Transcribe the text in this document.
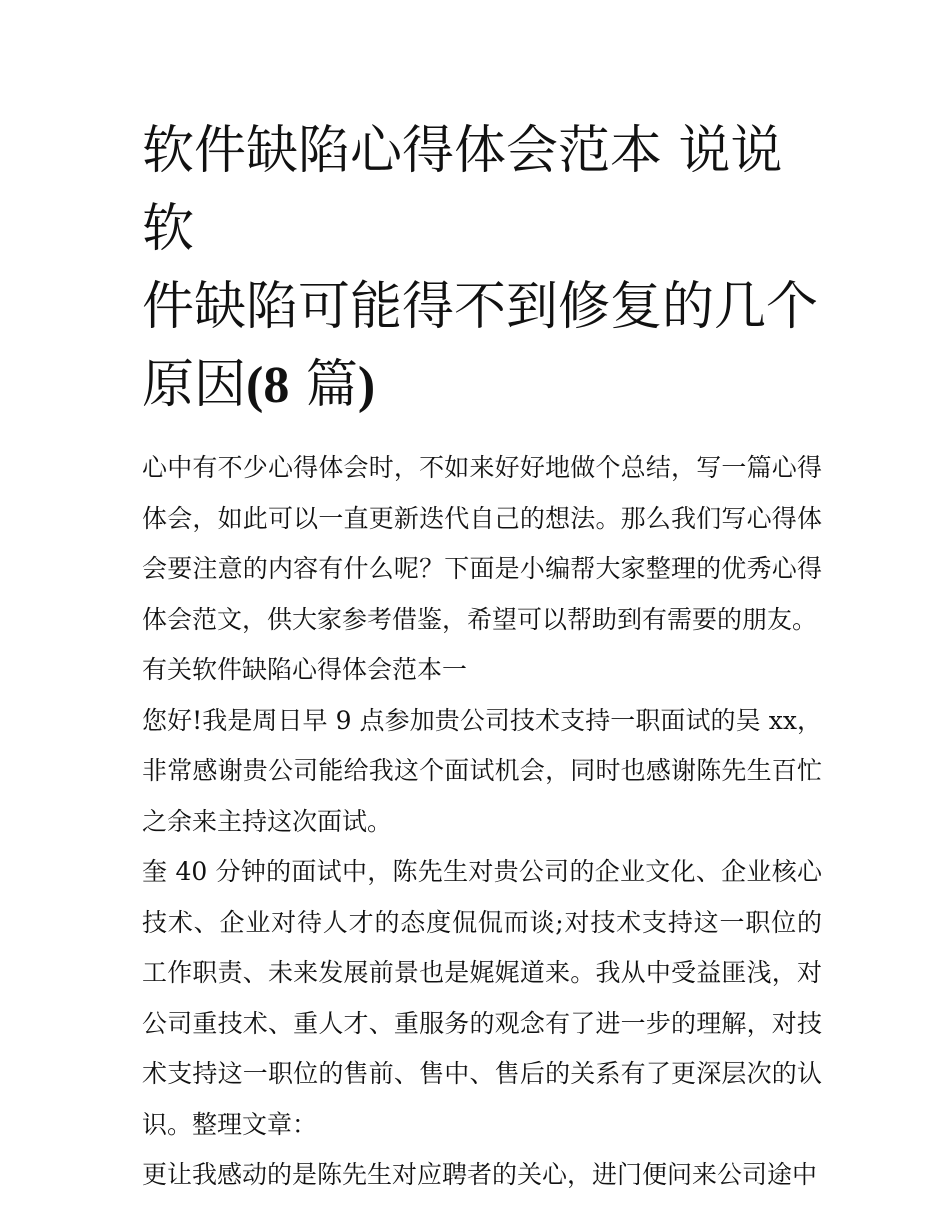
软件缺陷心得体会范本 说说软
件缺陷可能得不到修复的几个
原因(8 篇)

心中有不少心得体会时，不如来好好地做个总结，写一篇心得体会，如此可以一直更新迭代自己的想法。那么我们写心得体会要注意的内容有什么呢？下面是小编帮大家整理的优秀心得体会范文，供大家参考借鉴，希望可以帮助到有需要的朋友。

有关软件缺陷心得体会范本一

您好!我是周日早 9 点参加贵公司技术支持一职面试的吴 xx，非常感谢贵公司能给我这个面试机会，同时也感谢陈先生百忙之余来主持这次面试。

奎 40 分钟的面试中，陈先生对贵公司的企业文化、企业核心技术、企业对待人才的态度侃侃而谈;对技术支持这一职位的工作职责、未来发展前景也是娓娓道来。我从中受益匪浅，对公司重技术、重人才、重服务的观念有了进一步的理解，对技术支持这一职位的售前、售中、售后的关系有了更深层次的认识。整理文章：

更让我感动的是陈先生对应聘者的关心，进门便问来公司途中
